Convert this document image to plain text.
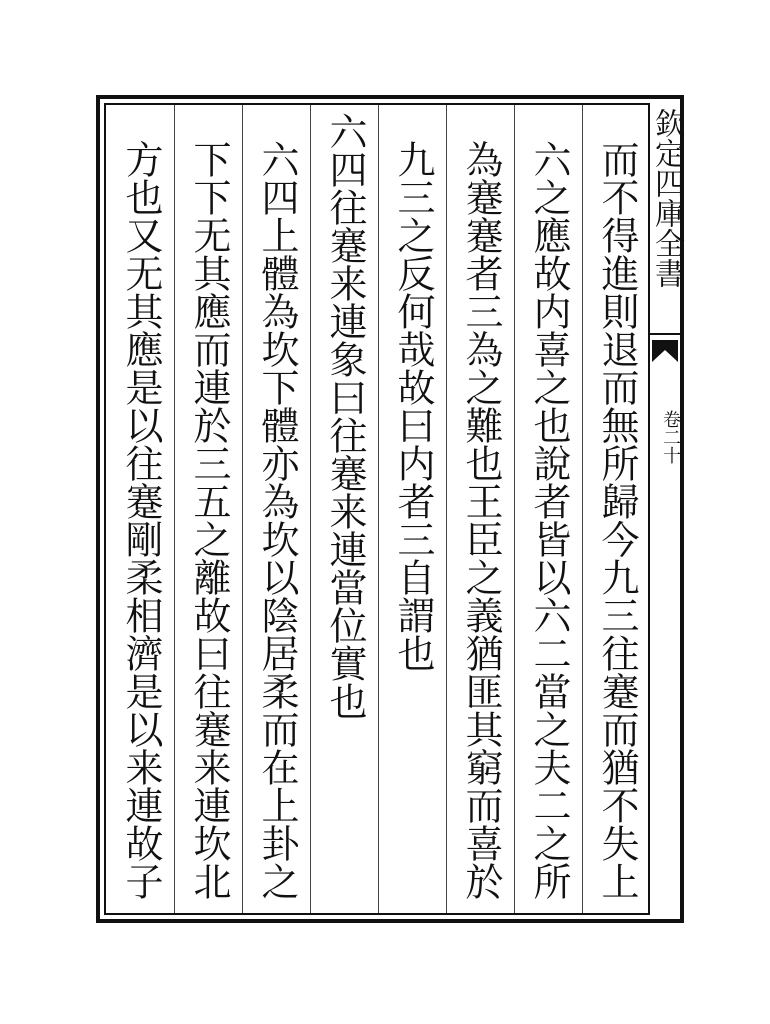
而不得進則退而無所歸今九三往蹇而猶不失上
六之應故内喜之也說者皆以六二當之夫二之所
為蹇蹇者三為之難也王臣之義猶匪其窮而喜於
九三之反何哉故曰内者三自謂也
六四往蹇来連象曰往蹇来連當位實也
六四上體為坎下體亦為坎以陰居柔而在上卦之
下下无其應而連於三五之離故曰往蹇来連坎北
方也又无其應是以往蹇剛柔相濟是以来連故子	欽定四庫全書
卷二十
